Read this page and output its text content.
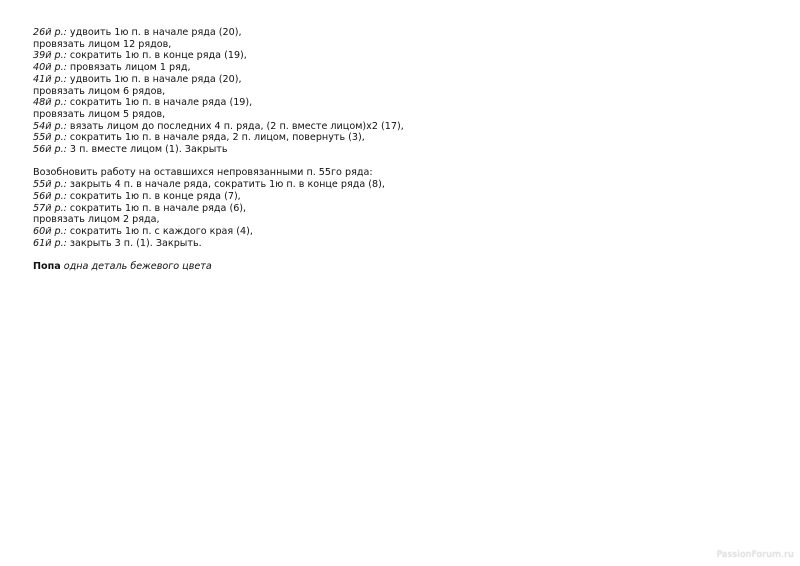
26й р.: удвоить 1ю п. в начале ряда (20),
провязать лицом 12 рядов,
39й р.: сократить 1ю п. в конце ряда (19),
40й р.: провязать лицом 1 ряд,
41й р.: удвоить 1ю п. в начале ряда (20),
провязать лицом 6 рядов,
48й р.: сократить 1ю п. в начале ряда (19),
провязать лицом 5 рядов,
54й р.: вязать лицом до последних 4 п. ряда, (2 п. вместе лицом)x2 (17),
55й р.: сократить 1ю п. в начале ряда, 2 п. лицом, повернуть (3),
56й р.: 3 п. вместе лицом (1). Закрыть
Возобновить работу на оставшихся непровязанными п. 55го ряда:
55й р.: закрыть 4 п. в начале ряда, сократить 1ю п. в конце ряда (8),
56й р.: сократить 1ю п. в конце ряда (7),
57й р.: сократить 1ю п. в начале ряда (6),
провязать лицом 2 ряда,
60й р.: сократить 1ю п. с каждого края (4),
61й р.: закрыть 3 п. (1). Закрыть.
Попа одна деталь бежевого цвета
PassionForum.ru
